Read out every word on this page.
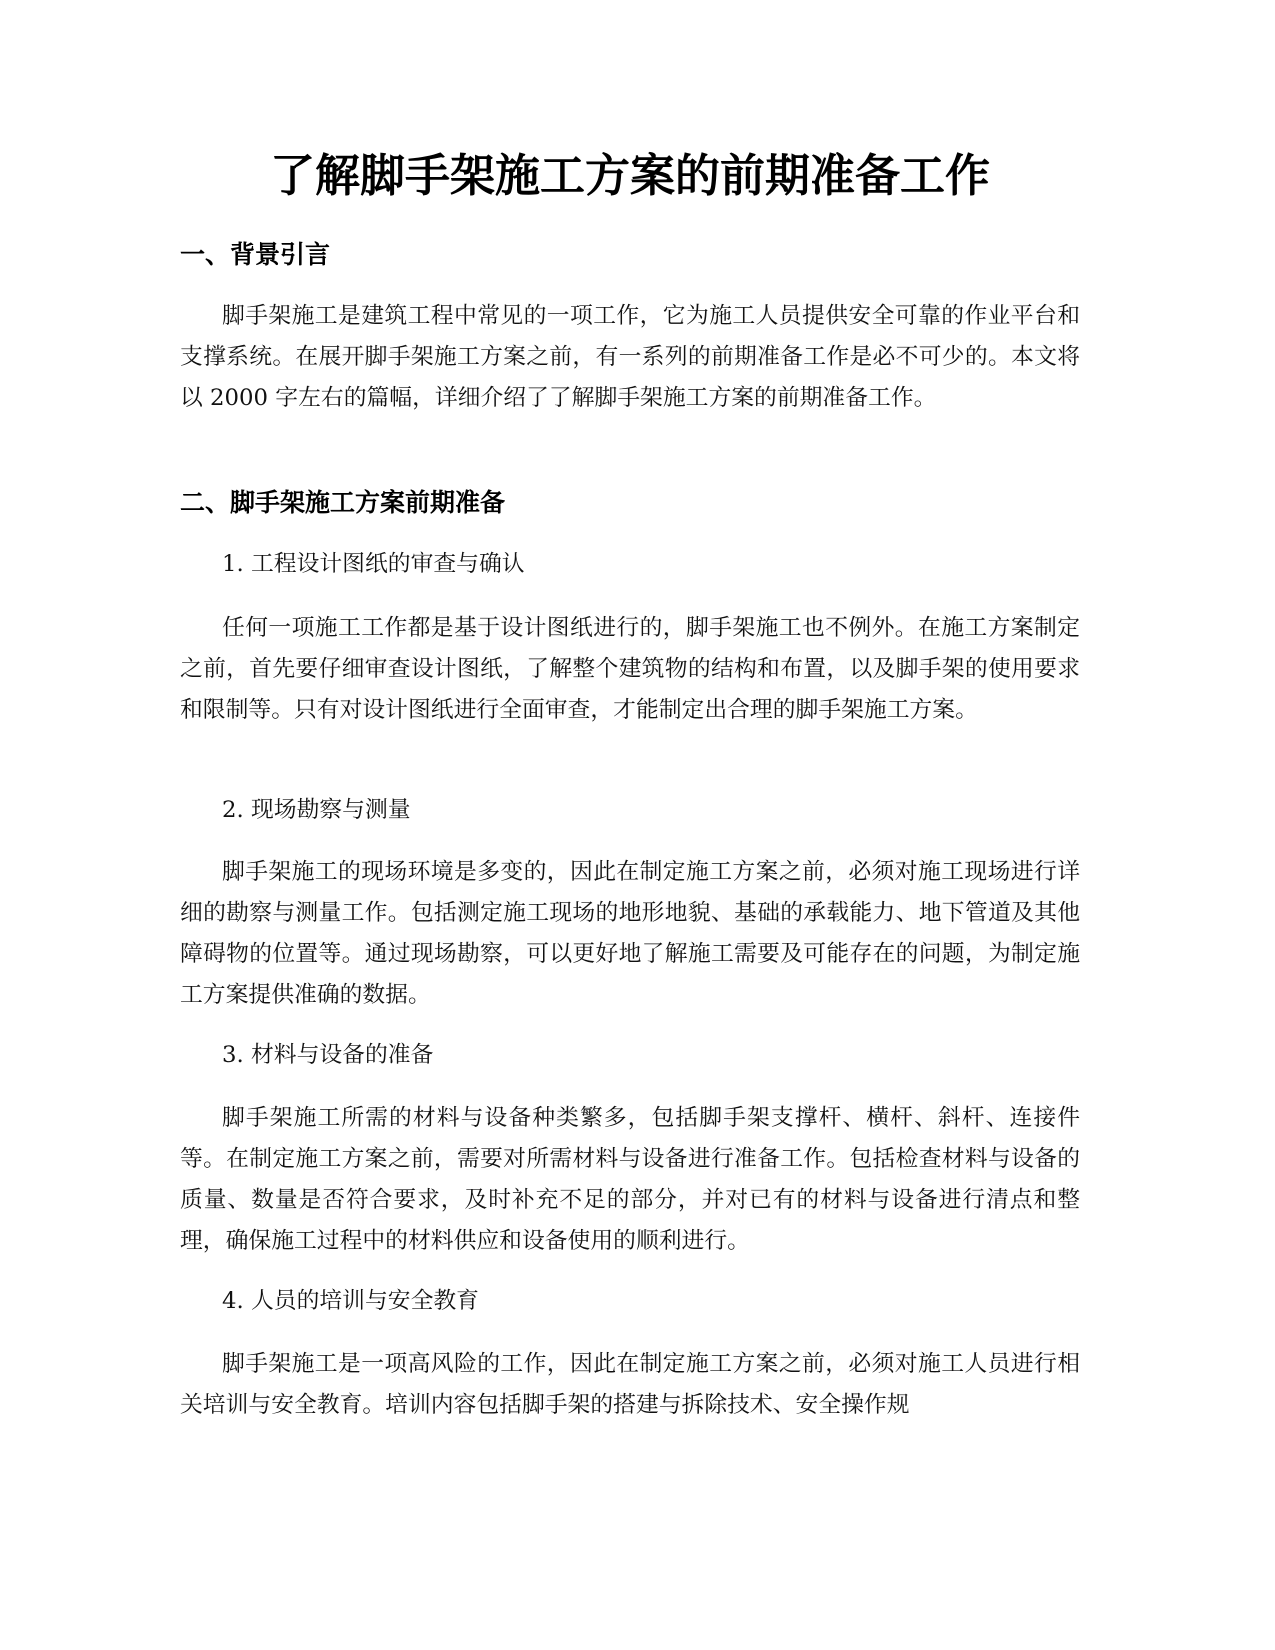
了解脚手架施工方案的前期准备工作
一、背景引言

脚手架施工是建筑工程中常见的一项工作，它为施工人员提供安全可靠的作业平台和支撑系统。在展开脚手架施工方案之前，有一系列的前期准备工作是必不可少的。本文将以 2000 字左右的篇幅，详细介绍了了解脚手架施工方案的前期准备工作。

二、脚手架施工方案前期准备

1. 工程设计图纸的审查与确认

任何一项施工工作都是基于设计图纸进行的，脚手架施工也不例外。在施工方案制定之前，首先要仔细审查设计图纸，了解整个建筑物的结构和布置，以及脚手架的使用要求和限制等。只有对设计图纸进行全面审查，才能制定出合理的脚手架施工方案。

2. 现场勘察与测量

脚手架施工的现场环境是多变的，因此在制定施工方案之前，必须对施工现场进行详细的勘察与测量工作。包括测定施工现场的地形地貌、基础的承载能力、地下管道及其他障碍物的位置等。通过现场勘察，可以更好地了解施工需要及可能存在的问题，为制定施工方案提供准确的数据。

3. 材料与设备的准备

脚手架施工所需的材料与设备种类繁多，包括脚手架支撑杆、横杆、斜杆、连接件等。在制定施工方案之前，需要对所需材料与设备进行准备工作。包括检查材料与设备的质量、数量是否符合要求，及时补充不足的部分，并对已有的材料与设备进行清点和整理，确保施工过程中的材料供应和设备使用的顺利进行。

4. 人员的培训与安全教育

脚手架施工是一项高风险的工作，因此在制定施工方案之前，必须对施工人员进行相关培训与安全教育。培训内容包括脚手架的搭建与拆除技术、安全操作规
